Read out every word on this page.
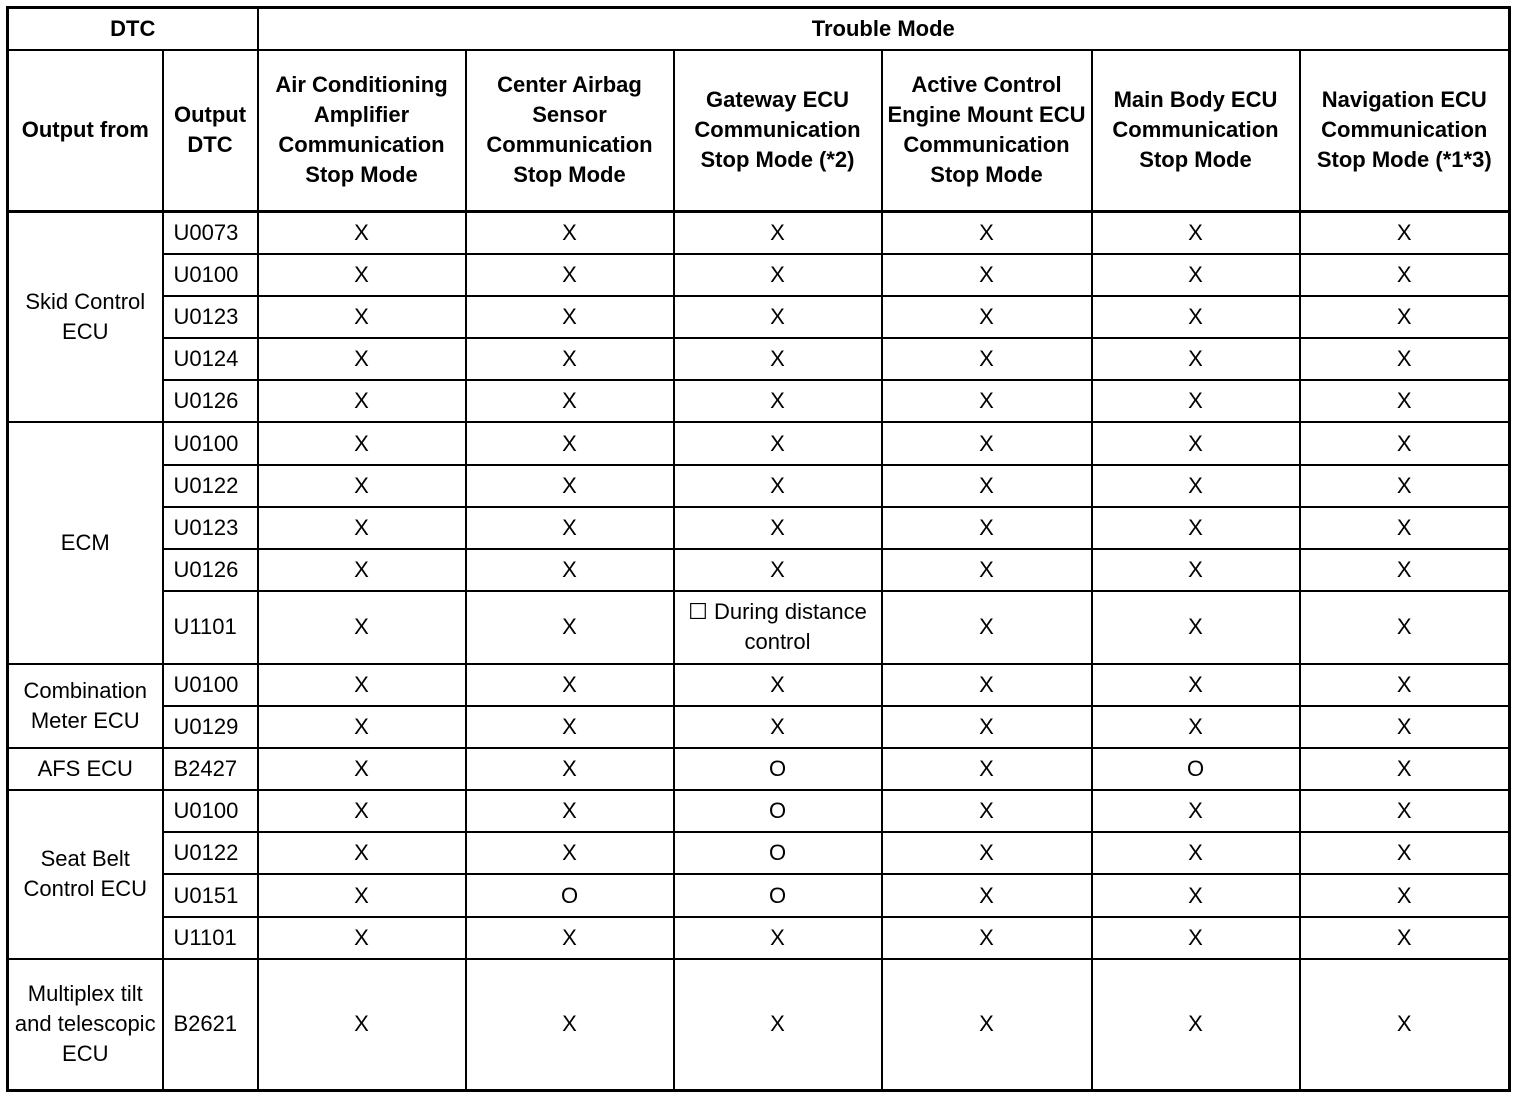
DTC		Trouble Mode					
Output from	Output DTC	Air Conditioning Amplifier Communication Stop Mode	Center Airbag Sensor Communication Stop Mode	Gateway ECU Communication Stop Mode (*2)	Active Control Engine Mount ECU Communication Stop Mode	Main Body ECU Communication Stop Mode	Navigation ECU Communication Stop Mode (*1*3)
Skid Control ECU	U0073	X	X	X	X	X	X
	U0100	X	X	X	X	X	X
	U0123	X	X	X	X	X	X
	U0124	X	X	X	X	X	X
	U0126	X	X	X	X	X	X
ECM	U0100	X	X	X	X	X	X
	U0122	X	X	X	X	X	X
	U0123	X	X	X	X	X	X
	U0126	X	X	X	X	X	X
	U1101	X	X	☐ During distance control	X	X	X
Combination Meter ECU	U0100	X	X	X	X	X	X
	U0129	X	X	X	X	X	X
AFS ECU	B2427	X	X	O	X	O	X
Seat Belt Control ECU	U0100	X	X	O	X	X	X
	U0122	X	X	O	X	X	X
	U0151	X	O	O	X	X	X
	U1101	X	X	X	X	X	X
Multiplex tilt and telescopic ECU	B2621	X	X	X	X	X	X
